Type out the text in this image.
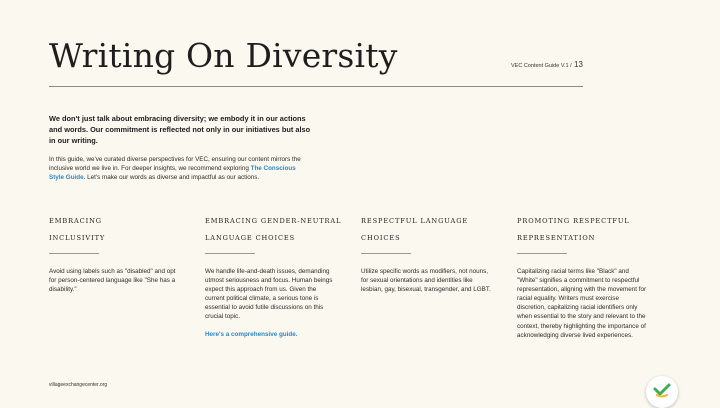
Writing On Diversity	VEC Content Guide V.1 / 13
We don't just talk about embracing diversity; we embody it in our actions and words. Our commitment is reflected not only in our initiatives but also in our writing.
In this guide, we've curated diverse perspectives for VEC, ensuring our content mirrors the inclusive world we live in. For deeper insights, we recommend exploring The Conscious Style Guide. Let's make our words as diverse and impactful as our actions.
EMBRACING
INCLUSIVITY
Avoid using labels such as "disabled" and opt for person-centered language like "She has a disability."
EMBRACING GENDER-NEUTRAL
LANGUAGE CHOICES
We handle life-and-death issues, demanding utmost seriousness and focus. Human beings expect this approach from us. Given the current political climate, a serious tone is essential to avoid futile discussions on this crucial topic.
Here's a comprehensive guide.
RESPECTFUL LANGUAGE
CHOICES
Utilize specific words as modifiers, not nouns, for sexual orientations and identities like lesbian, gay, bisexual, transgender, and LGBT.
PROMOTING RESPECTFUL
REPRESENTATION
Capitalizing racial terms like "Black" and "White" signifies a commitment to respectful representation, aligning with the movement for racial equality. Writers must exercise discretion, capitalizing racial identifiers only when essential to the story and relevant to the context, thereby highlighting the importance of acknowledging diverse lived experiences.
villageexchangecenter.org
